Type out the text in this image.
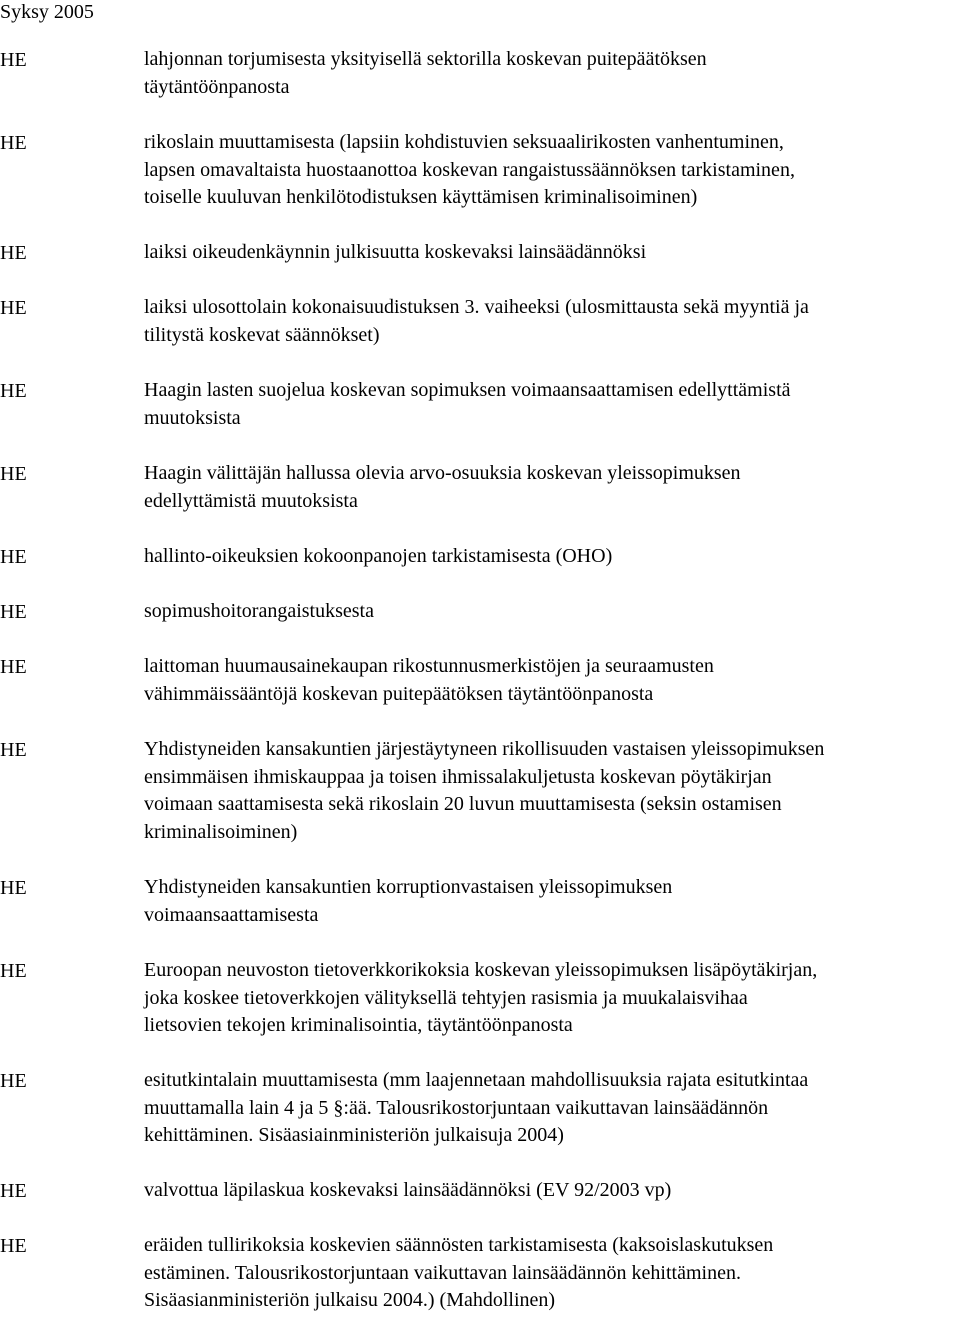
Syksy 2005
HE	lahjonnan torjumisesta yksityisellä sektorilla koskevan puitepäätöksen
täytäntöönpanosta
HE	rikoslain muuttamisesta (lapsiin kohdistuvien seksuaalirikosten vanhentuminen,
lapsen omavaltaista huostaanottoa koskevan rangaistussäännöksen tarkistaminen,
toiselle kuuluvan henkilötodistuksen käyttämisen kriminalisoiminen)
HE	laiksi oikeudenkäynnin julkisuutta koskevaksi lainsäädännöksi
HE	laiksi ulosottolain kokonaisuudistuksen 3. vaiheeksi (ulosmittausta sekä myyntiä ja
tilitystä koskevat säännökset)
HE	Haagin lasten suojelua koskevan sopimuksen voimaansaattamisen edellyttämistä
muutoksista
HE	Haagin välittäjän hallussa olevia arvo-osuuksia koskevan yleissopimuksen
edellyttämistä muutoksista
HE	hallinto-oikeuksien kokoonpanojen tarkistamisesta (OHO)
HE	sopimushoitorangaistuksesta
HE	laittoman huumausainekaupan rikostunnusmerkistöjen ja seuraamusten
vähimmäissääntöjä koskevan puitepäätöksen täytäntöönpanosta
HE	Yhdistyneiden kansakuntien järjestäytyneen rikollisuuden vastaisen yleissopimuksen
ensimmäisen ihmiskauppaa ja toisen ihmissalakuljetusta koskevan pöytäkirjan
voimaan saattamisesta sekä rikoslain 20 luvun muuttamisesta (seksin ostamisen
kriminalisoiminen)
HE	Yhdistyneiden kansakuntien korruptionvastaisen yleissopimuksen
voimaansaattamisesta
HE	Euroopan neuvoston tietoverkkorikoksia koskevan yleissopimuksen lisäpöytäkirjan,
joka koskee tietoverkkojen välityksellä tehtyjen rasismia ja muukalaisvihaa
lietsovien tekojen kriminalisointia, täytäntöönpanosta
HE	esitutkintalain muuttamisesta (mm laajennetaan mahdollisuuksia rajata esitutkintaa
muuttamalla lain 4 ja 5 §:ää. Talousrikostorjuntaan vaikuttavan lainsäädännön
kehittäminen. Sisäasiainministeriön julkaisuja 2004)
HE	valvottua läpilaskua koskevaksi lainsäädännöksi (EV 92/2003 vp)
HE	eräiden tullirikoksia koskevien säännösten tarkistamisesta (kaksoislaskutuksen
estäminen. Talousrikostorjuntaan vaikuttavan lainsäädännön kehittäminen.
Sisäasianministeriön julkaisu 2004.) (Mahdollinen)
